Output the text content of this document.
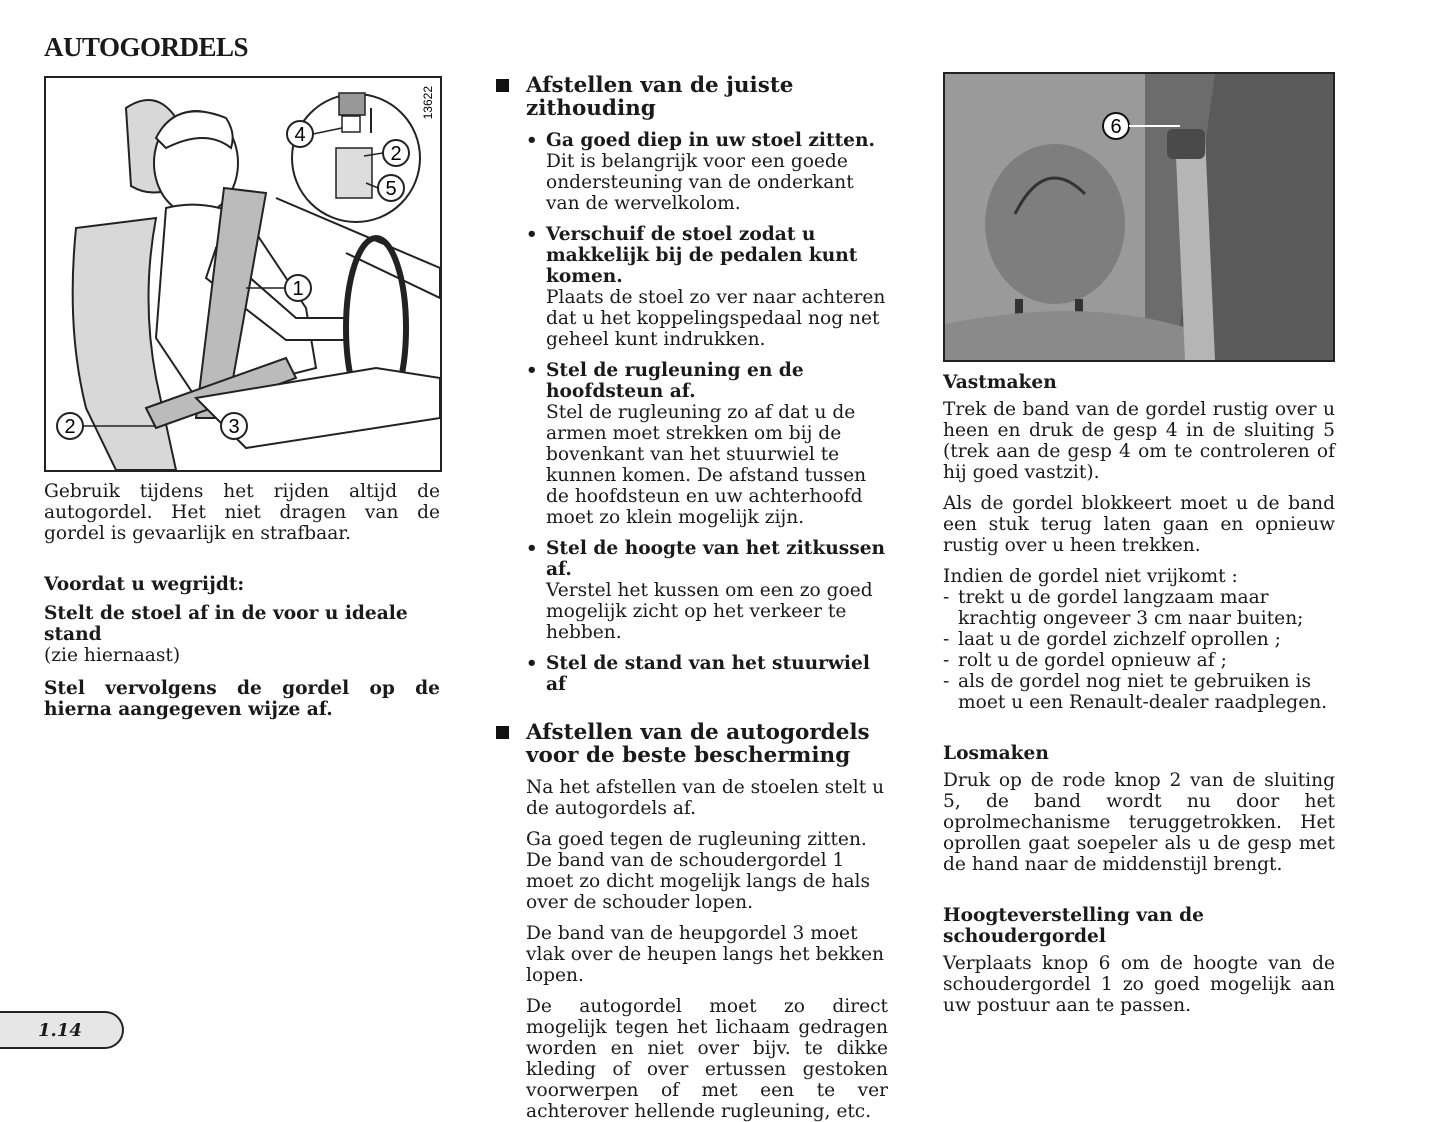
AUTOGORDELS
1
2	3
4
2
5
13622
6

Gebruik tijdens het rijden altijd de autogordel. Het niet dragen van de gordel is gevaarlijk en strafbaar.

Voordat u wegrijdt:

Stelt de stoel af in de voor u ideale stand
(zie hiernaast)

Stel vervolgens de gordel op de hierna aangegeven wijze af.

Afstellen van de juiste zithouding
• Ga goed diep in uw stoel zitten.
Dit is belangrijk voor een goede ondersteuning van de onderkant van de wervelkolom.
• Verschuif de stoel zodat u makkelijk bij de pedalen kunt komen.
Plaats de stoel zo ver naar achteren dat u het koppelingspedaal nog net geheel kunt indrukken.
• Stel de rugleuning en de hoofdsteun af.
Stel de rugleuning zo af dat u de armen moet strekken om bij de bovenkant van het stuurwiel te kunnen komen. De afstand tussen de hoofdsteun en uw achterhoofd moet zo klein mogelijk zijn.
• Stel de hoogte van het zitkussen af.
Verstel het kussen om een zo goed mogelijk zicht op het verkeer te hebben.
• Stel de stand van het stuurwiel af
Afstellen van de autogordels voor de beste bescherming

Na het afstellen van de stoelen stelt u de autogordels af.

Ga goed tegen de rugleuning zitten. De band van de schoudergordel 1 moet zo dicht mogelijk langs de hals over de schouder lopen.

De band van de heupgordel 3 moet vlak over de heupen langs het bekken lopen.

De autogordel moet zo direct mogelijk tegen het lichaam gedragen worden en niet over bijv. te dikke kleding of over ertussen gestoken voorwerpen of met een te ver achterover hellende rugleuning, etc.

Vastmaken

Trek de band van de gordel rustig over u heen en druk de gesp 4 in de sluiting 5 (trek aan de gesp 4 om te controleren of hij goed vastzit).

Als de gordel blokkeert moet u de band een stuk terug laten gaan en opnieuw rustig over u heen trekken.

Indien de gordel niet vrijkomt :

- trekt u de gordel langzaam maar krachtig ongeveer 3 cm naar buiten;
- laat u de gordel zichzelf oprollen ;
- rolt u de gordel opnieuw af ;
- als de gordel nog niet te gebruiken is moet u een Renault-dealer raadplegen.

Losmaken

Druk op de rode knop 2 van de sluiting 5, de band wordt nu door het oprolmechanisme teruggetrokken. Het oprollen gaat soepeler als u de gesp met de hand naar de middenstijl brengt.

Hoogteverstelling van de schoudergordel

Verplaats knop 6 om de hoogte van de schoudergordel 1 zo goed mogelijk aan uw postuur aan te passen.

1.14
